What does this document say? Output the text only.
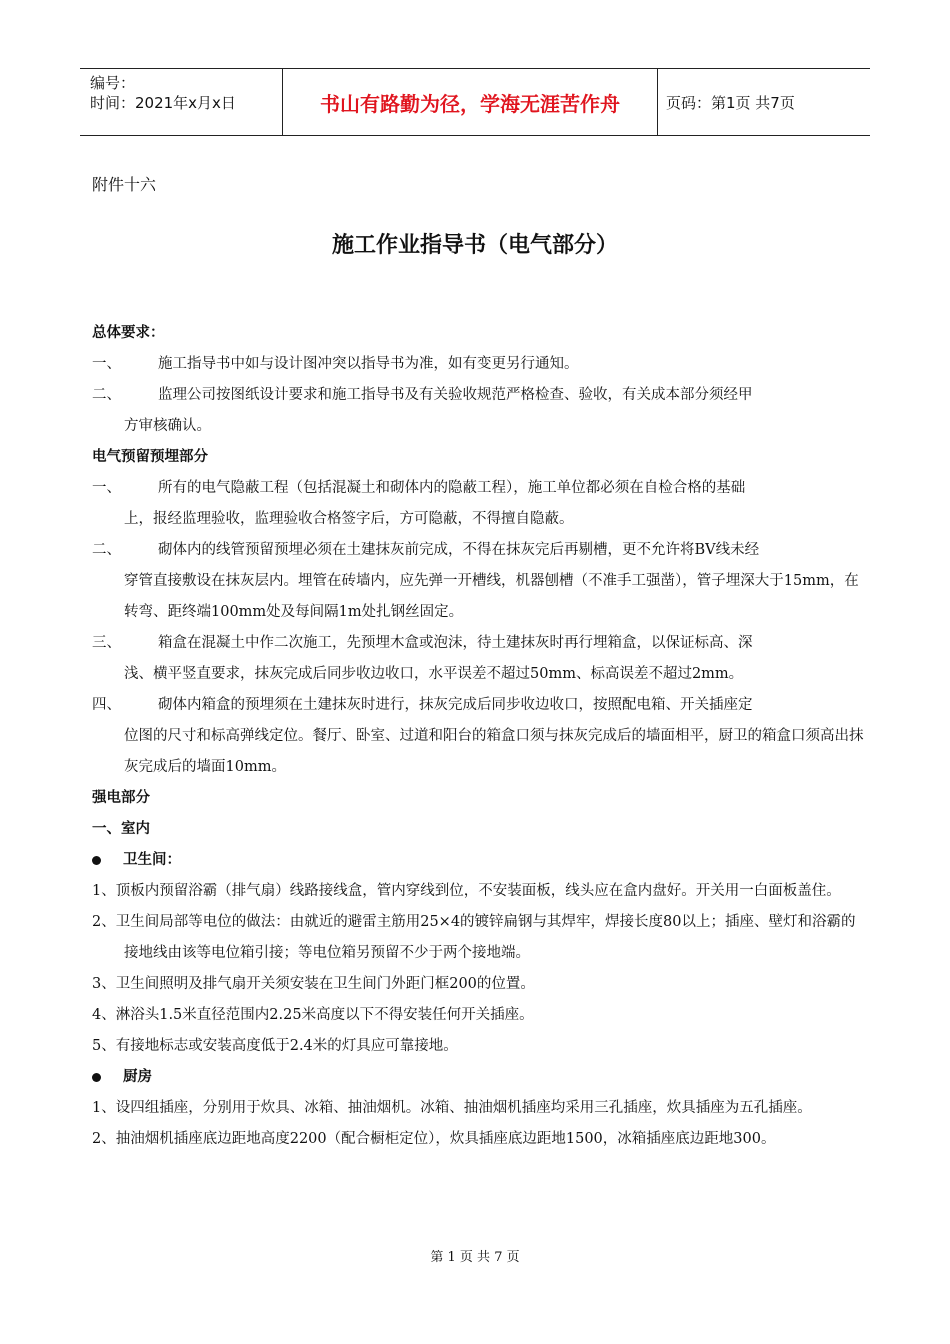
编号：
时间：2021年x月x日	书山有路勤为径，学海无涯苦作舟	页码：第1页 共7页
附件十六
施工作业指导书（电气部分）
总体要求：
一、	施工指导书中如与设计图冲突以指导书为准，如有变更另行通知。
二、	监理公司按图纸设计要求和施工指导书及有关验收规范严格检查、验收，有关成本部分须经甲
方审核确认。
电气预留预埋部分
一、	所有的电气隐蔽工程（包括混凝土和砌体内的隐蔽工程），施工单位都必须在自检合格的基础
上，报经监理验收，监理验收合格签字后，方可隐蔽，不得擅自隐蔽。
二、	砌体内的线管预留预埋必须在土建抹灰前完成，不得在抹灰完后再剔槽，更不允许将BV线未经
穿管直接敷设在抹灰层内。埋管在砖墙内，应先弹一开槽线，机器刨槽（不准手工强凿），管子埋深大于15mm，在转弯、距终端100mm处及每间隔1m处扎钢丝固定。
三、	箱盒在混凝土中作二次施工，先预埋木盒或泡沫，待土建抹灰时再行埋箱盒，以保证标高、深
浅、横平竖直要求，抹灰完成后同步收边收口，水平误差不超过50mm、标高误差不超过2mm。
四、	砌体内箱盒的预埋须在土建抹灰时进行，抹灰完成后同步收边收口，按照配电箱、开关插座定
位图的尺寸和标高弹线定位。餐厅、卧室、过道和阳台的箱盒口须与抹灰完成后的墙面相平，厨卫的箱盒口须高出抹灰完成后的墙面10mm。
强电部分
一、室内
卫生间：
1、顶板内预留浴霸（排气扇）线路接线盒，管内穿线到位，不安装面板，线头应在盒内盘好。开关用一白面板盖住。
2、卫生间局部等电位的做法：由就近的避雷主筋用25×4的镀锌扁钢与其焊牢，焊接长度80以上；插座、壁灯和浴霸的接地线由该等电位箱引接；等电位箱另预留不少于两个接地端。
3、卫生间照明及排气扇开关须安装在卫生间门外距门框200的位置。
4、淋浴头1.5米直径范围内2.25米高度以下不得安装任何开关插座。
5、有接地标志或安装高度低于2.4米的灯具应可靠接地。
厨房
1、设四组插座，分别用于炊具、冰箱、抽油烟机。冰箱、抽油烟机插座均采用三孔插座，炊具插座为五孔插座。
2、抽油烟机插座底边距地高度2200（配合橱柜定位），炊具插座底边距地1500，冰箱插座底边距地300。
第 1 页 共 7 页
